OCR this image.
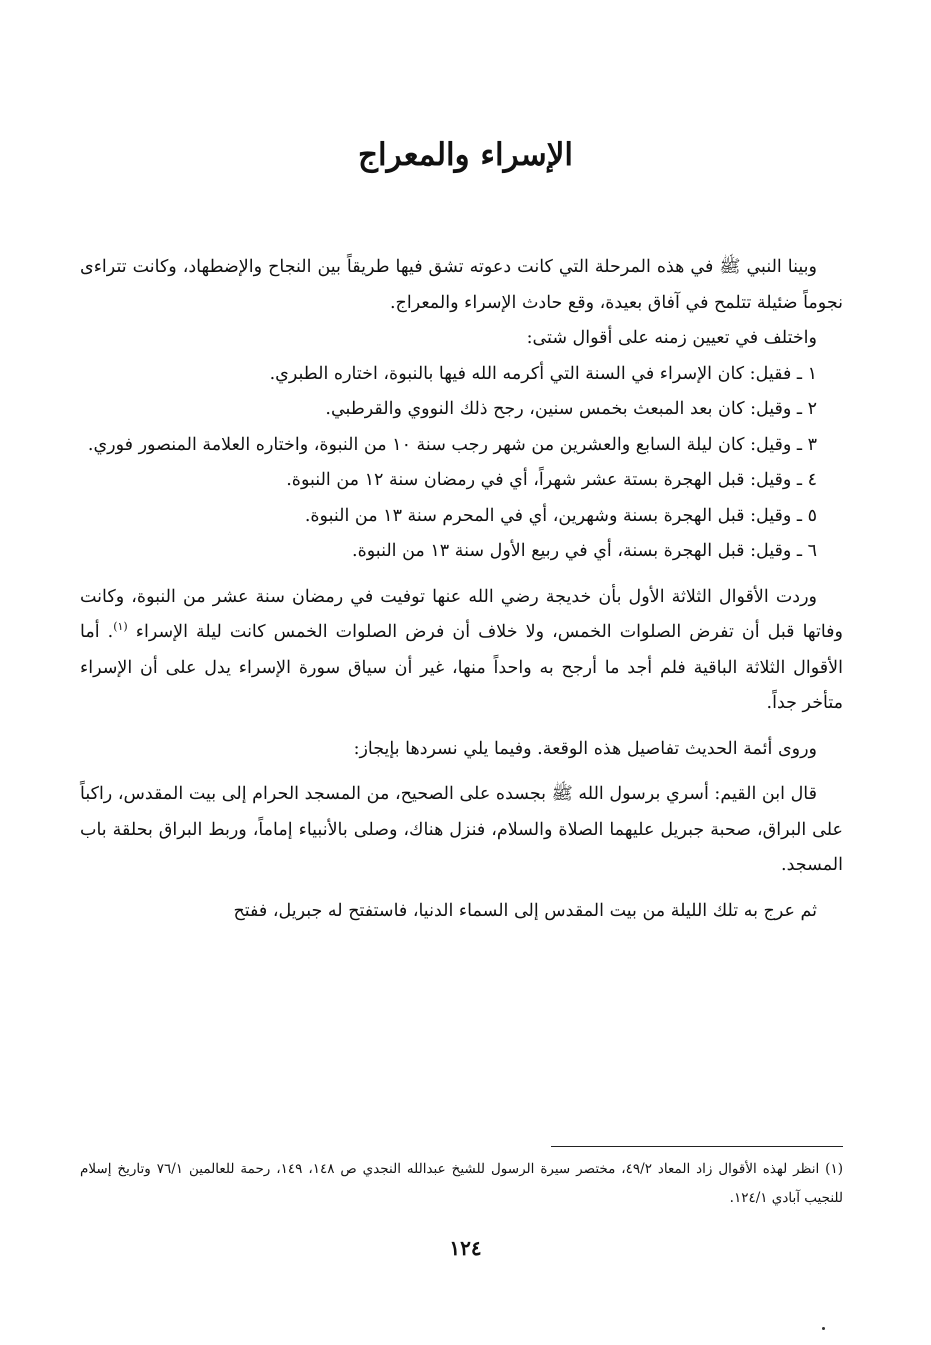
الإسراء والمعراج

وبينا النبي ﷺ في هذه المرحلة التي كانت دعوته تشق فيها طريقاً بين النجاح والإضطهاد، وكانت تتراءى نجوماً ضئيلة تتلمح في آفاق بعيدة، وقع حادث الإسراء والمعراج.

واختلف في تعيين زمنه على أقوال شتى:

١ ـ فقيل: كان الإسراء في السنة التي أكرمه الله فيها بالنبوة، اختاره الطبري.

٢ ـ وقيل: كان بعد المبعث بخمس سنين، رجح ذلك النووي والقرطبي.

٣ ـ وقيل: كان ليلة السابع والعشرين من شهر رجب سنة ١٠ من النبوة، واختاره العلامة المنصور فوري.

٤ ـ وقيل: قبل الهجرة بستة عشر شهراً، أي في رمضان سنة ١٢ من النبوة.

٥ ـ وقيل: قبل الهجرة بسنة وشهرين، أي في المحرم سنة ١٣ من النبوة.

٦ ـ وقيل: قبل الهجرة بسنة، أي في ربيع الأول سنة ١٣ من النبوة.

وردت الأقوال الثلاثة الأول بأن خديجة رضي الله عنها توفيت في رمضان سنة عشر من النبوة، وكانت وفاتها قبل أن تفرض الصلوات الخمس، ولا خلاف أن فرض الصلوات الخمس كانت ليلة الإسراء $^{(١)}$. أما الأقوال الثلاثة الباقية فلم أجد ما أرجح به واحداً منها، غير أن سياق سورة الإسراء يدل على أن الإسراء متأخر جداً.

وروى أئمة الحديث تفاصيل هذه الوقعة. وفيما يلي نسردها بإيجاز:

قال ابن القيم: أسري برسول الله ﷺ بجسده على الصحيح، من المسجد الحرام إلى بيت المقدس، راكباً على البراق، صحبة جبريل عليهما الصلاة والسلام، فنزل هناك، وصلى بالأنبياء إماماً، وربط البراق بحلقة باب المسجد.

ثم عرج به تلك الليلة من بيت المقدس إلى السماء الدنيا، فاستفتح له جبريل، ففتح

(١) انظر لهذه الأقوال زاد المعاد ٤٩/٢، مختصر سيرة الرسول للشيخ عبدالله النجدي ص ١٤٨، ١٤٩، رحمة للعالمين ٧٦/١ وتاريخ إسلام للنجيب آبادي ١٢٤/١.

١٢٤
